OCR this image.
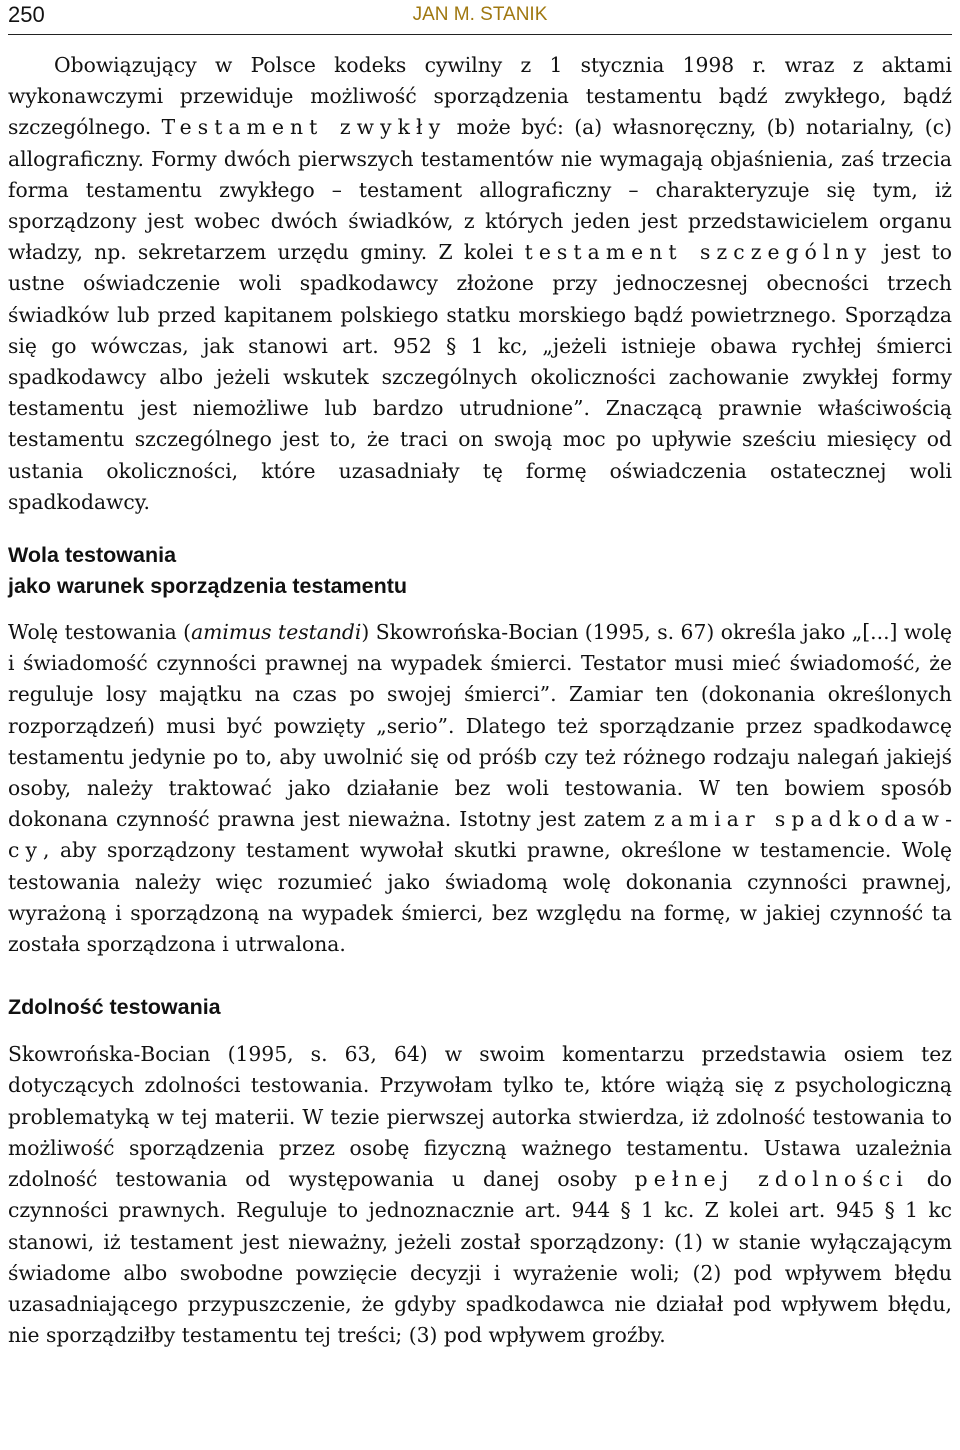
250	JAN M. STANIK

Obowiązujący w Polsce kodeks cywilny z 1 stycznia 1998 r. wraz z aktami wykonawczymi przewiduje możliwość sporządzenia testamentu bądź zwykłego, bądź szczególnego. Testament zwykły może być: (a) własnoręczny, (b) notarialny, (c) allograficzny. Formy dwóch pierwszych testamentów nie wymagają objaśnienia, zaś trzecia forma testamentu zwykłego – testament allograficzny – charakteryzuje się tym, iż sporządzony jest wobec dwóch świadków, z których jeden jest przedstawicielem organu władzy, np. sekretarzem urzędu gminy. Z kolei testament szczególny jest to ustne oświadczenie woli spadkodawcy złożone przy jednoczesnej obecności trzech świadków lub przed kapitanem polskiego statku morskiego bądź powietrznego. Sporządza się go wówczas, jak stanowi art. 952 § 1 kc, „jeżeli istnieje obawa rychłej śmierci spadkodawcy albo jeżeli wskutek szczególnych okoliczności zachowanie zwykłej formy testamentu jest niemożliwe lub bardzo utrudnione”. Znaczącą prawnie właściwością testamentu szczególnego jest to, że traci on swoją moc po upływie sześciu miesięcy od ustania okoliczności, które uzasadniały tę formę oświadczenia ostatecznej woli spadkodawcy.

Wola testowania
jako warunek sporządzenia testamentu

Wolę testowania (amimus testandi) Skowrońska-Bocian (1995, s. 67) określa jako „[...] wolę i świadomość czynności prawnej na wypadek śmierci. Testator musi mieć świadomość, że reguluje losy majątku na czas po swojej śmierci”. Zamiar ten (dokonania określonych rozporządzeń) musi być powzięty „serio”. Dlatego też sporządzanie przez spadkodawcę testamentu jedynie po to, aby uwolnić się od próśb czy też różnego rodzaju nalegań jakiejś osoby, należy traktować jako działanie bez woli testowania. W ten bowiem sposób dokonana czynność prawna jest nieważna. Istotny jest zatem zamiar spadkodawcy, aby sporządzony testament wywołał skutki prawne, określone w testamencie. Wolę testowania należy więc rozumieć jako świadomą wolę dokonania czynności prawnej, wyrażoną i sporządzoną na wypadek śmierci, bez względu na formę, w jakiej czynność ta została sporządzona i utrwalona.

Zdolność testowania

Skowrońska-Bocian (1995, s. 63, 64) w swoim komentarzu przedstawia osiem tez dotyczących zdolności testowania. Przywołam tylko te, które wiążą się z psychologiczną problematyką w tej materii. W tezie pierwszej autorka stwierdza, iż zdolność testowania to możliwość sporządzenia przez osobę fizyczną ważnego testamentu. Ustawa uzależnia zdolność testowania od występowania u danej osoby pełnej zdolności do czynności prawnych. Reguluje to jednoznacznie art. 944 § 1 kc. Z kolei art. 945 § 1 kc stanowi, iż testament jest nieważny, jeżeli został sporządzony: (1) w stanie wyłączającym świadome albo swobodne powzięcie decyzji i wyrażenie woli; (2) pod wpływem błędu uzasadniającego przypuszczenie, że gdyby spadkodawca nie działał pod wpływem błędu, nie sporządziłby testamentu tej treści; (3) pod wpływem groźby.
